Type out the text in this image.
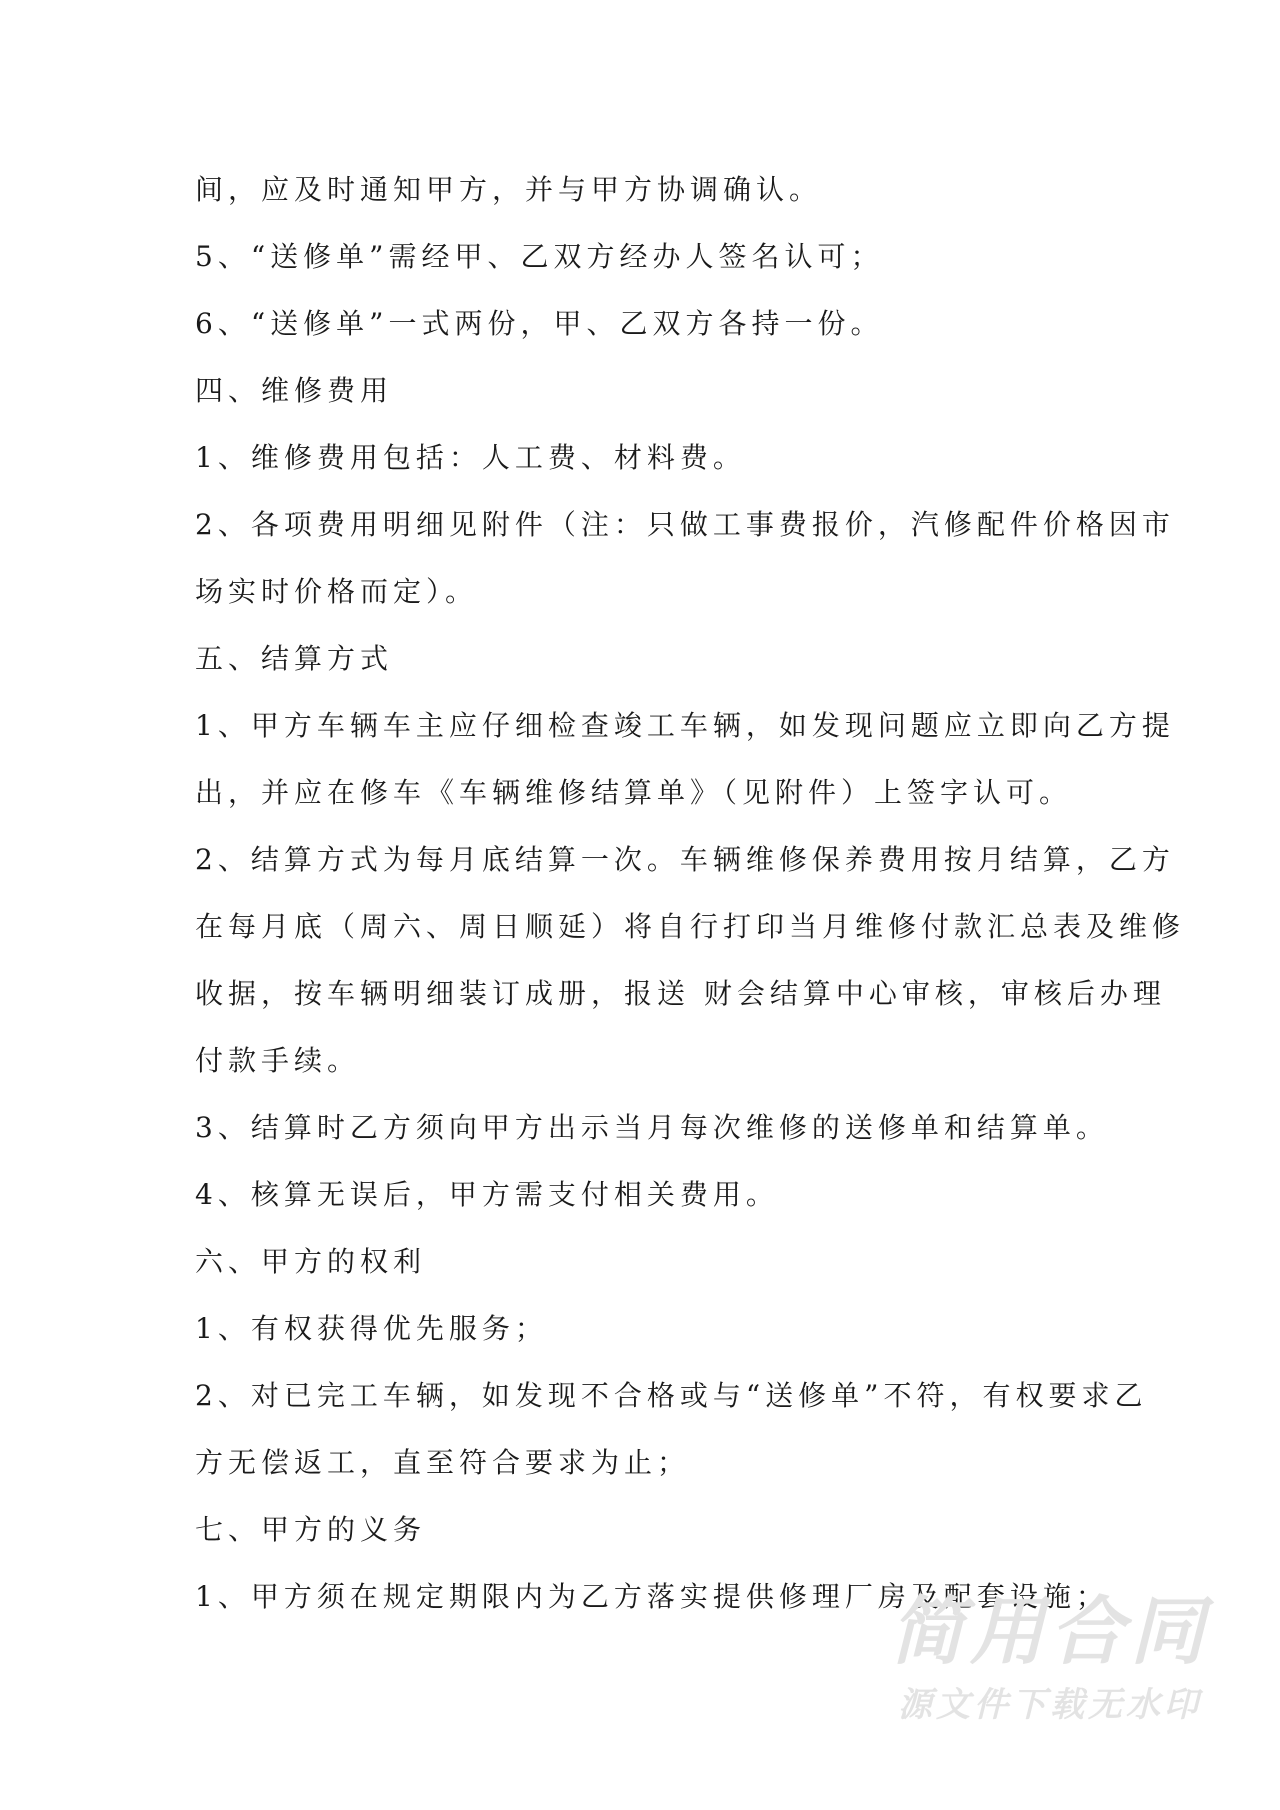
间，应及时通知甲方，并与甲方协调确认。
5、“送修单”需经甲、乙双方经办人签名认可；
6、“送修单”一式两份，甲、乙双方各持一份。
四、维修费用
1、维修费用包括：人工费、材料费。
2、各项费用明细见附件（注：只做工事费报价，汽修配件价格因市
场实时价格而定）。
五、结算方式
1、甲方车辆车主应仔细检查竣工车辆，如发现问题应立即向乙方提
出，并应在修车《车辆维修结算单》（见附件）上签字认可。
2、结算方式为每月底结算一次。车辆维修保养费用按月结算，乙方
在每月底（周六、周日顺延）将自行打印当月维修付款汇总表及维修
收据，按车辆明细装订成册，报送 财会结算中心审核，审核后办理
付款手续。
3、结算时乙方须向甲方出示当月每次维修的送修单和结算单。
4、核算无误后，甲方需支付相关费用。
六、甲方的权利
1、有权获得优先服务；
2、对已完工车辆，如发现不合格或与“送修单”不符，有权要求乙
方无偿返工，直至符合要求为止；
七、甲方的义务
1、甲方须在规定期限内为乙方落实提供修理厂房及配套设施；
简用合同
源文件下载无水印
